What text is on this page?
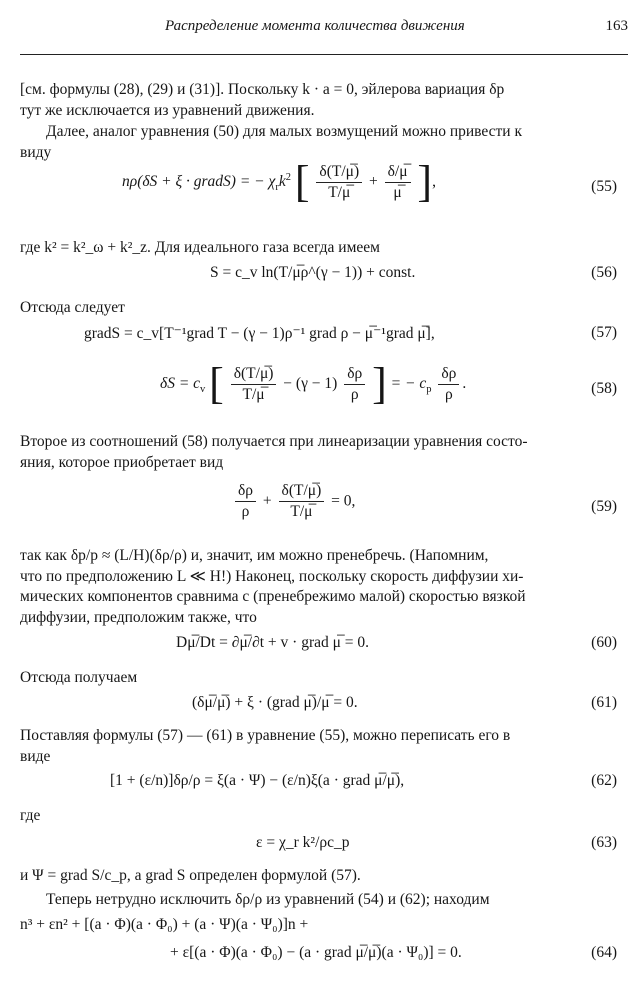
Распределение момента количества движения	163
[см. формулы (28), (29) и (31)]. Поскольку k · a = 0, эйлерова вариация δp
тут же исключается из уравнений движения.
Далее, аналог уравнения (50) для малых возмущений можно привести к
виду
nρ(δS + ξ · gradS) = − $\chi_rk^2$ [ $\frac{\delta(T/\mu̅)}{T/\mu̅} + \frac{\delta/\mu̅}{\mu̅}$ ],	(55)
где k² = k²_ω + k²_z. Для идеального газа всегда имеем
S = c_v ln(T/μ̅ρ^(γ − 1)) + const.	(56)
Отсюда следует
gradS = c_v[T⁻¹grad T − (γ − 1)ρ⁻¹ grad ρ − μ̅⁻¹grad μ̅],	(57)
$\delta S = c_v$ [ $\frac{\delta(T/\mu̅)}{T/\mu̅} - (\gamma - 1) \frac{\delta\rho}{\rho}$ ] = − $c_p \frac{\delta\rho}{\rho}$ .	(58)
Второе из соотношений (58) получается при линеаризации уравнения состо-
яния, которое приобретает вид
$\frac{\delta\rho}{\rho} + \frac{\delta(T/\mu̅)}{T/\mu̅} = 0$,	(59)
так как δp/p ≈ (L/H)(δρ/ρ) и, значит, им можно пренебречь. (Напомним,
что по предположению L ≪ H!) Наконец, поскольку скорость диффузии хи-
мических компонентов сравнима с (пренебрежимо малой) скоростью вязкой
диффузии, предположим также, что
Dμ̅/Dt = ∂μ̅/∂t + v · grad μ̅ = 0.	(60)
Отсюда получаем
(δμ̅/μ̅) + ξ · (grad μ̅)/μ̅ = 0.	(61)
Поставляя формулы (57) — (61) в уравнение (55), можно переписать его в
виде
[1 + (ε/n)]δρ/ρ = ξ(a · Ψ) − (ε/n)ξ(a · grad μ̅/μ̅),	(62)
где
ε = χ_r k²/ρc_p	(63)
и Ψ = grad S/c_p, а grad S определен формулой (57).
Теперь нетрудно исключить δρ/ρ из уравнений (54) и (62); находим
n³ + εn² + [(a · Φ)(a · Φ₀) + (a · Ψ)(a · Ψ₀)]n +
+ ε[(a · Φ)(a · Φ₀) − (a · grad μ̅/μ̅)(a · Ψ₀)] = 0.	(64)
